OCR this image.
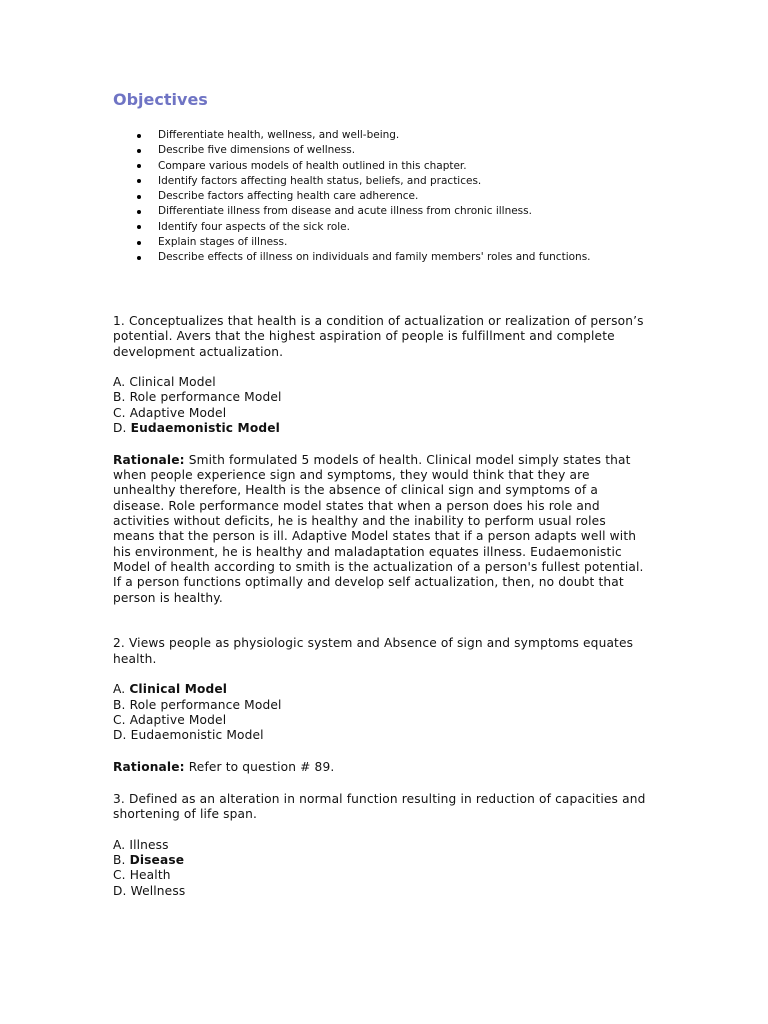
Objectives
Differentiate health, wellness, and well-being.
Describe five dimensions of wellness.
Compare various models of health outlined in this chapter.
Identify factors affecting health status, beliefs, and practices.
Describe factors affecting health care adherence.
Differentiate illness from disease and acute illness from chronic illness.
Identify four aspects of the sick role.
Explain stages of illness.
Describe effects of illness on individuals and family members' roles and functions.

1. Conceptualizes that health is a condition of actualization or realization of person’s

potential. Avers that the highest aspiration of people is fulfillment and complete

development actualization.

A. Clinical Model

B. Role performance Model

C. Adaptive Model

D. Eudaemonistic Model

Rationale: Smith formulated 5 models of health. Clinical model simply states that

when people experience sign and symptoms, they would think that they are

unhealthy therefore, Health is the absence of clinical sign and symptoms of a

disease. Role performance model states that when a person does his role and

activities without deficits, he is healthy and the inability to perform usual roles

means that the person is ill. Adaptive Model states that if a person adapts well with

his environment, he is healthy and maladaptation equates illness. Eudaemonistic

Model of health according to smith is the actualization of a person's fullest potential.

If a person functions optimally and develop self actualization, then, no doubt that

person is healthy.

2. Views people as physiologic system and Absence of sign and symptoms equates

health.

A. Clinical Model

B. Role performance Model

C. Adaptive Model

D. Eudaemonistic Model

Rationale: Refer to question # 89.

3. Defined as an alteration in normal function resulting in reduction of capacities and

shortening of life span.

A. Illness

B. Disease

C. Health

D. Wellness
